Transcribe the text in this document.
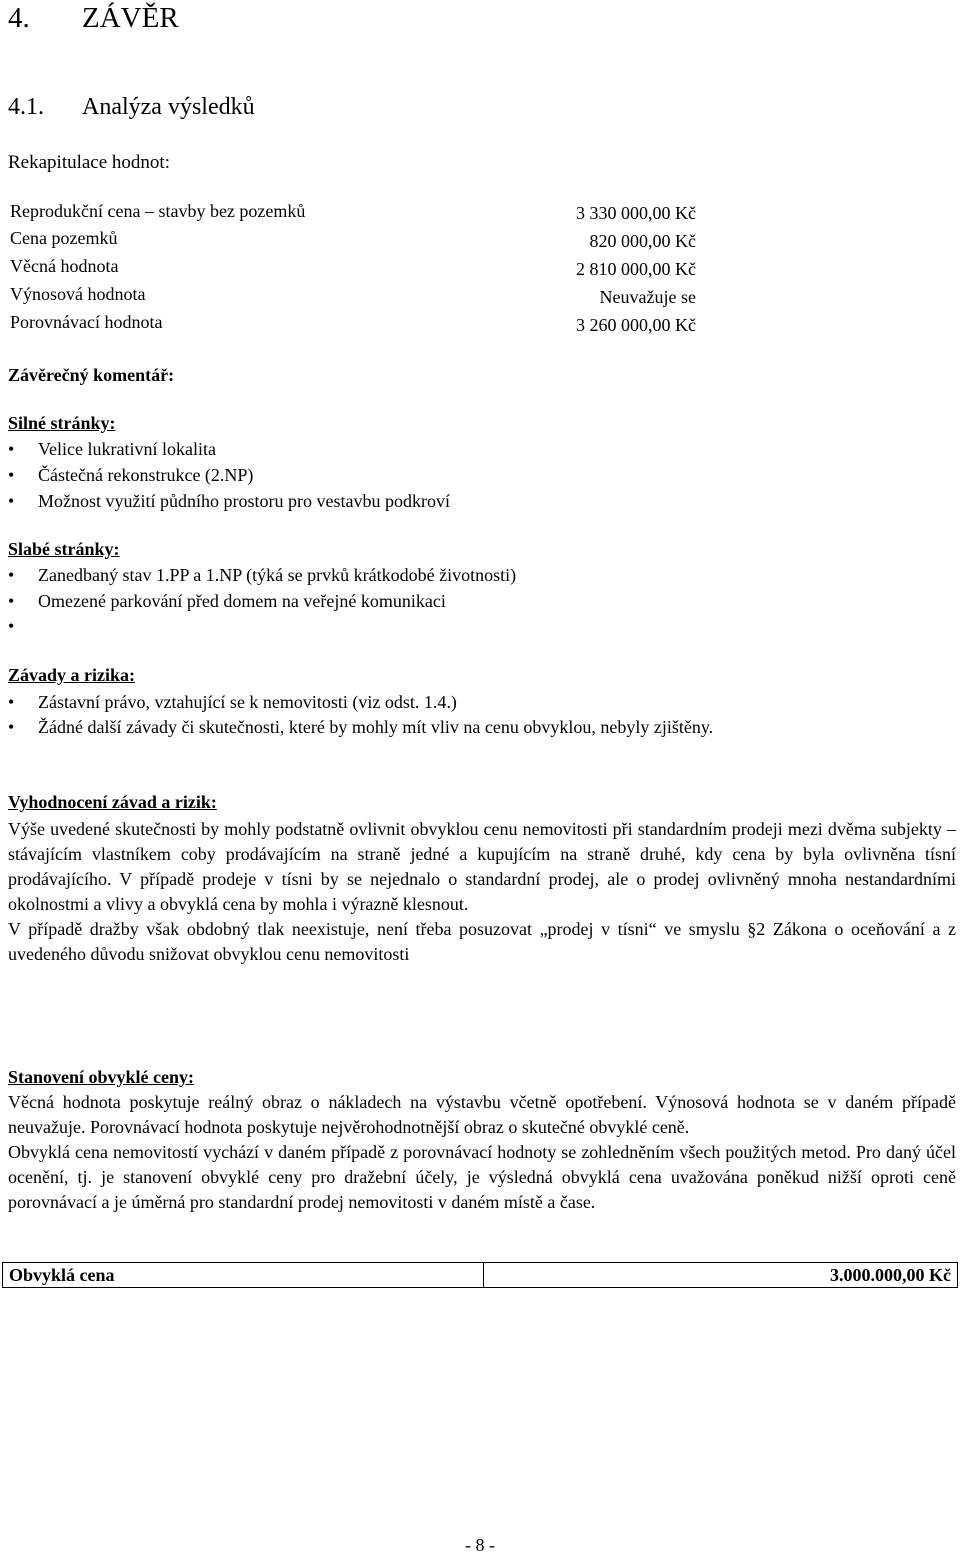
4. ZÁVĚR
4.1. Analýza výsledků
Rekapitulace hodnot:
Reprodukční cena – stavby bez pozemků	3 330 000,00 Kč
Cena pozemků	820 000,00 Kč
Věcná hodnota	2 810 000,00 Kč
Výnosová hodnota	Neuvažuje se
Porovnávací hodnota	3 260 000,00 Kč
Závěrečný komentář:
Silné stránky:
• Velice lukrativní lokalita
• Částečná rekonstrukce (2.NP)
• Možnost využití půdního prostoru pro vestavbu podkroví
Slabé stránky:
• Zanedbaný stav 1.PP a 1.NP (týká se prvků krátkodobé životnosti)
• Omezené parkování před domem na veřejné komunikaci
•
Závady a rizika:
• Zástavní právo, vztahující se k nemovitosti (viz odst. 1.4.)
• Žádné další závady či skutečnosti, které by mohly mít vliv na cenu obvyklou, nebyly zjištěny.
Vyhodnocení závad a rizik:

Výše uvedené skutečnosti by mohly podstatně ovlivnit obvyklou cenu nemovitosti při standardním prodeji mezi dvěma subjekty – stávajícím vlastníkem coby prodávajícím na straně jedné a kupujícím na straně druhé, kdy cena by byla ovlivněna tísní prodávajícího. V případě prodeje v tísni by se nejednalo o standardní prodej, ale o prodej ovlivněný mnoha nestandardními okolnostmi a vlivy a obvyklá cena by mohla i výrazně klesnout.

V případě dražby však obdobný tlak neexistuje, není třeba posuzovat „prodej v tísni“ ve smyslu §2 Zákona o oceňování a z uvedeného důvodu snižovat obvyklou cenu nemovitosti

Stanovení obvyklé ceny:

Věcná hodnota poskytuje reálný obraz o nákladech na výstavbu včetně opotřebení. Výnosová hodnota se v daném případě neuvažuje. Porovnávací hodnota poskytuje nejvěrohodnotnější obraz o skutečné obvyklé ceně.

Obvyklá cena nemovitostí vychází v daném případě z porovnávací hodnoty se zohledněním všech použitých metod. Pro daný účel ocenění, tj. je stanovení obvyklé ceny pro dražební účely, je výsledná obvyklá cena uvažována poněkud nižší oproti ceně porovnávací a je úměrná pro standardní prodej nemovitosti v daném místě a čase.

Obvyklá cena	3.000.000,00 Kč
- 8 -
